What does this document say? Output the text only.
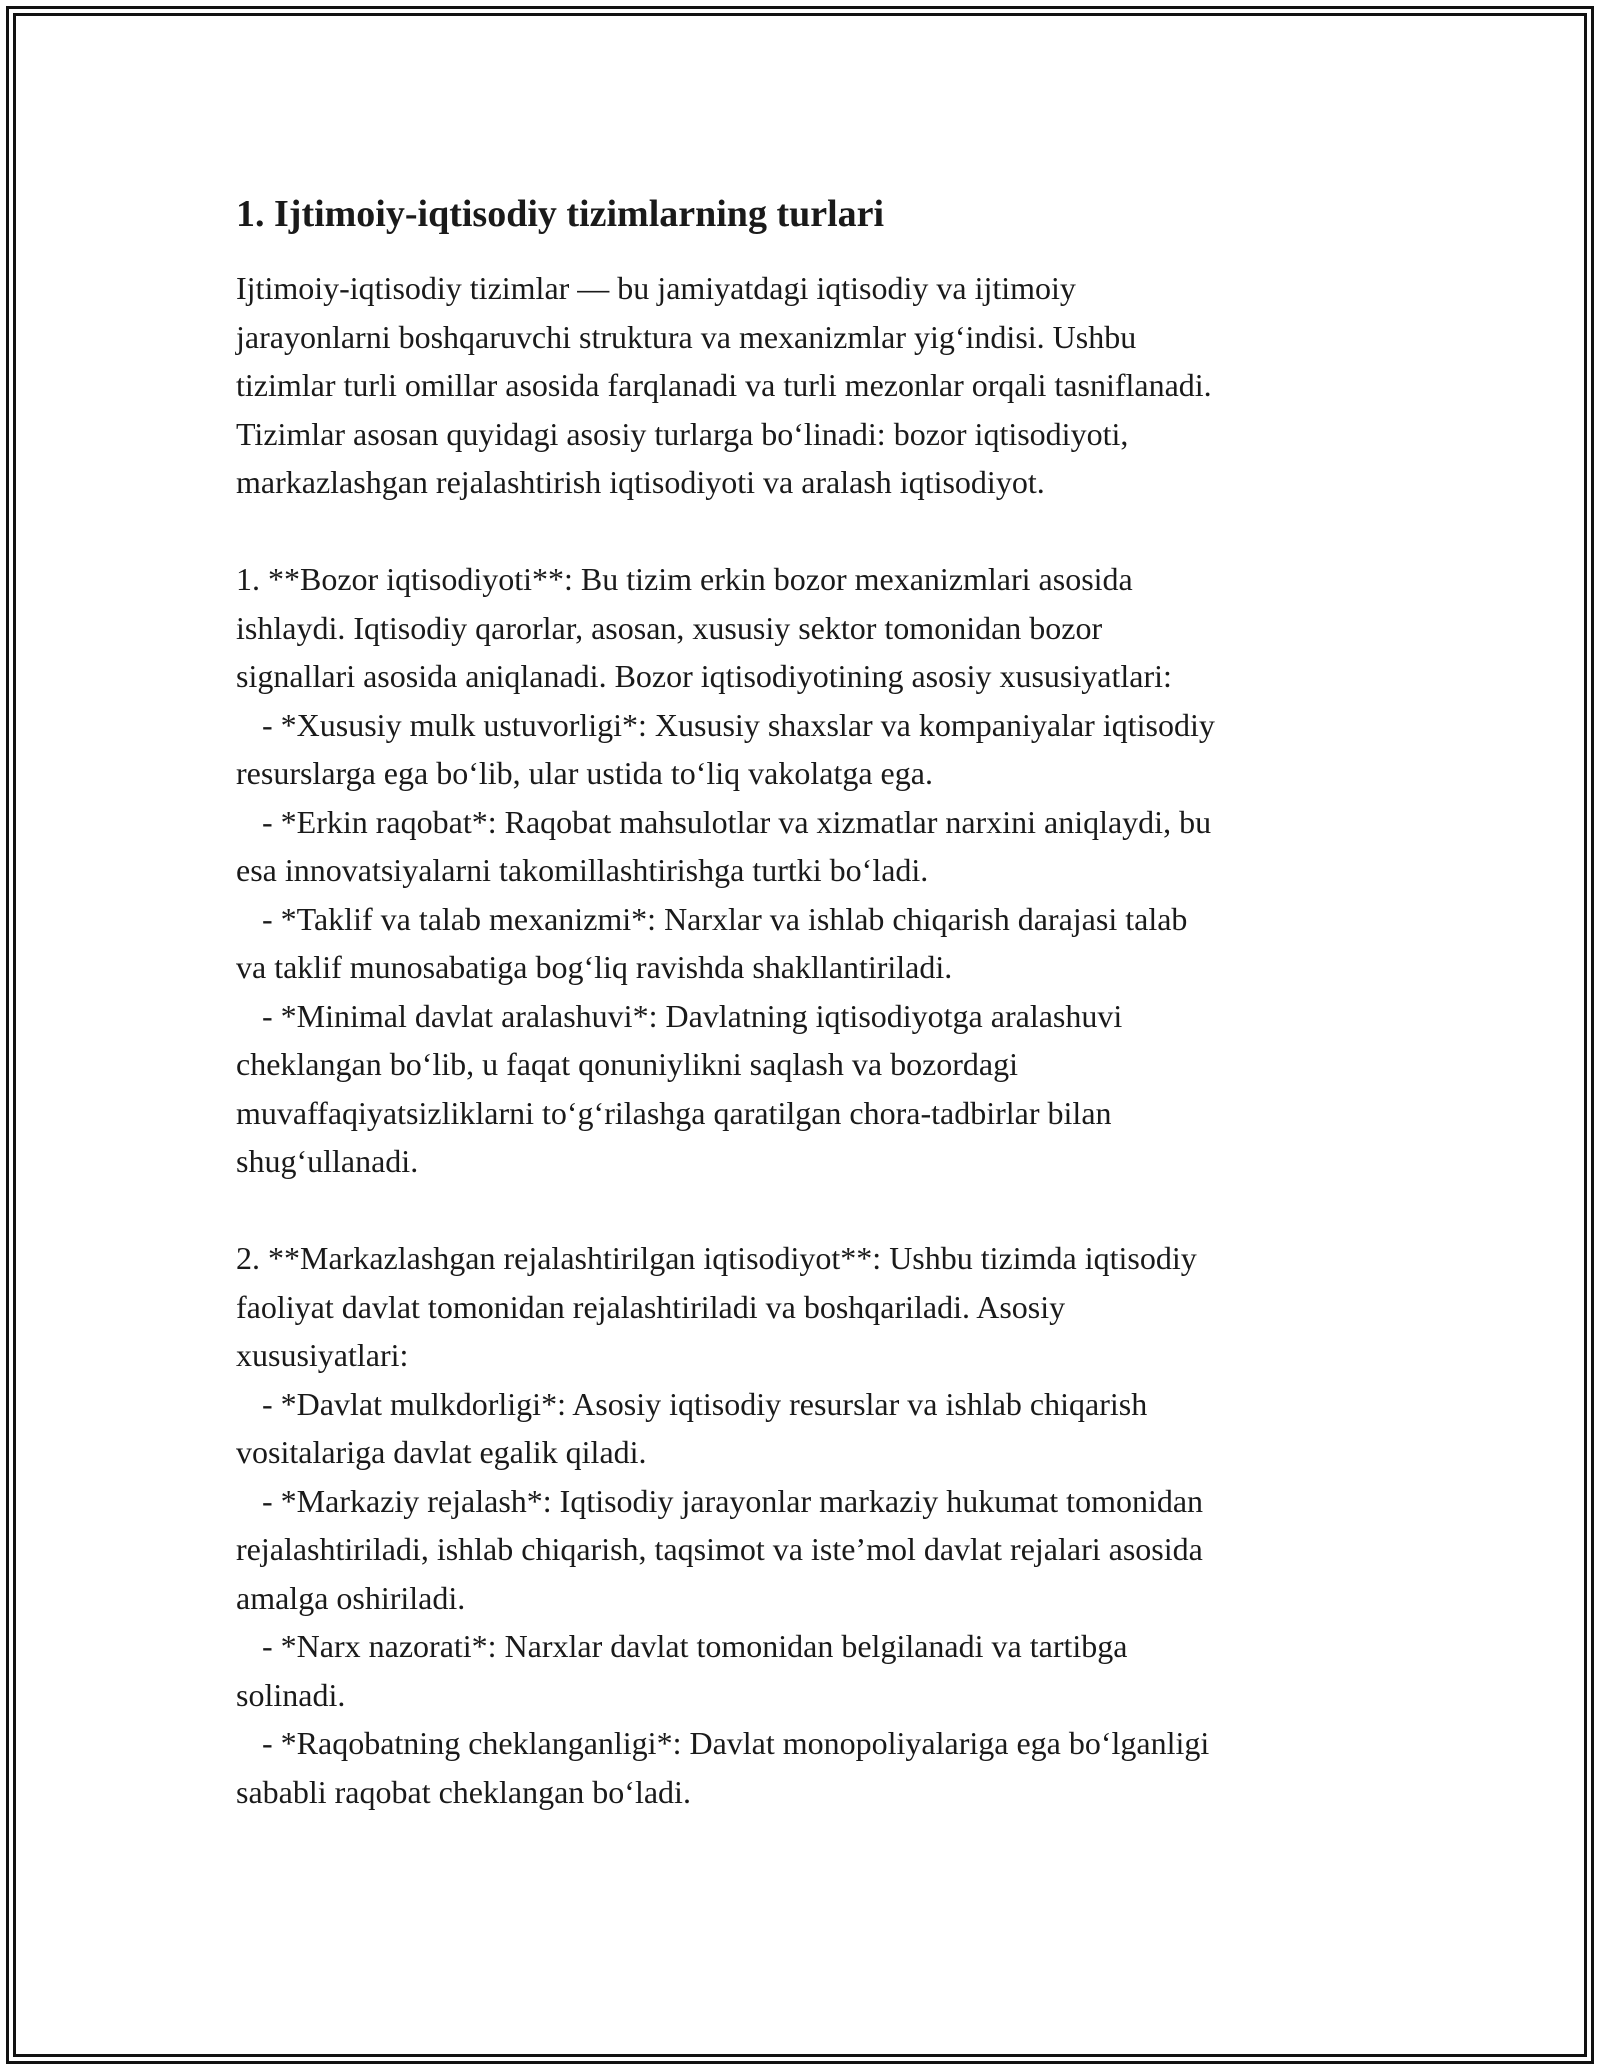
1. Ijtimoiy-iqtisodiy tizimlarning turlari

Ijtimoiy-iqtisodiy tizimlar — bu jamiyatdagi iqtisodiy va ijtimoiy
jarayonlarni boshqaruvchi struktura va mexanizmlar yig‘indisi. Ushbu
tizimlar turli omillar asosida farqlanadi va turli mezonlar orqali tasniflanadi.
Tizimlar asosan quyidagi asosiy turlarga bo‘linadi: bozor iqtisodiyoti,
markazlashgan rejalashtirish iqtisodiyoti va aralash iqtisodiyot.

1. **Bozor iqtisodiyoti**: Bu tizim erkin bozor mexanizmlari asosida
ishlaydi. Iqtisodiy qarorlar, asosan, xususiy sektor tomonidan bozor
signallari asosida aniqlanadi. Bozor iqtisodiyotining asosiy xususiyatlari:
- *Xususiy mulk ustuvorligi*: Xususiy shaxslar va kompaniyalar iqtisodiy
resurslarga ega bo‘lib, ular ustida to‘liq vakolatga ega.
- *Erkin raqobat*: Raqobat mahsulotlar va xizmatlar narxini aniqlaydi, bu
esa innovatsiyalarni takomillashtirishga turtki bo‘ladi.
- *Taklif va talab mexanizmi*: Narxlar va ishlab chiqarish darajasi talab
va taklif munosabatiga bog‘liq ravishda shakllantiriladi.
- *Minimal davlat aralashuvi*: Davlatning iqtisodiyotga aralashuvi
cheklangan bo‘lib, u faqat qonuniylikni saqlash va bozordagi
muvaffaqiyatsizliklarni to‘g‘rilashga qaratilgan chora-tadbirlar bilan
shug‘ullanadi.

2. **Markazlashgan rejalashtirilgan iqtisodiyot**: Ushbu tizimda iqtisodiy
faoliyat davlat tomonidan rejalashtiriladi va boshqariladi. Asosiy
xususiyatlari:
- *Davlat mulkdorligi*: Asosiy iqtisodiy resurslar va ishlab chiqarish
vositalariga davlat egalik qiladi.
- *Markaziy rejalash*: Iqtisodiy jarayonlar markaziy hukumat tomonidan
rejalashtiriladi, ishlab chiqarish, taqsimot va iste’mol davlat rejalari asosida
amalga oshiriladi.
- *Narx nazorati*: Narxlar davlat tomonidan belgilanadi va tartibga
solinadi.
- *Raqobatning cheklanganligi*: Davlat monopoliyalariga ega bo‘lganligi
sababli raqobat cheklangan bo‘ladi.
